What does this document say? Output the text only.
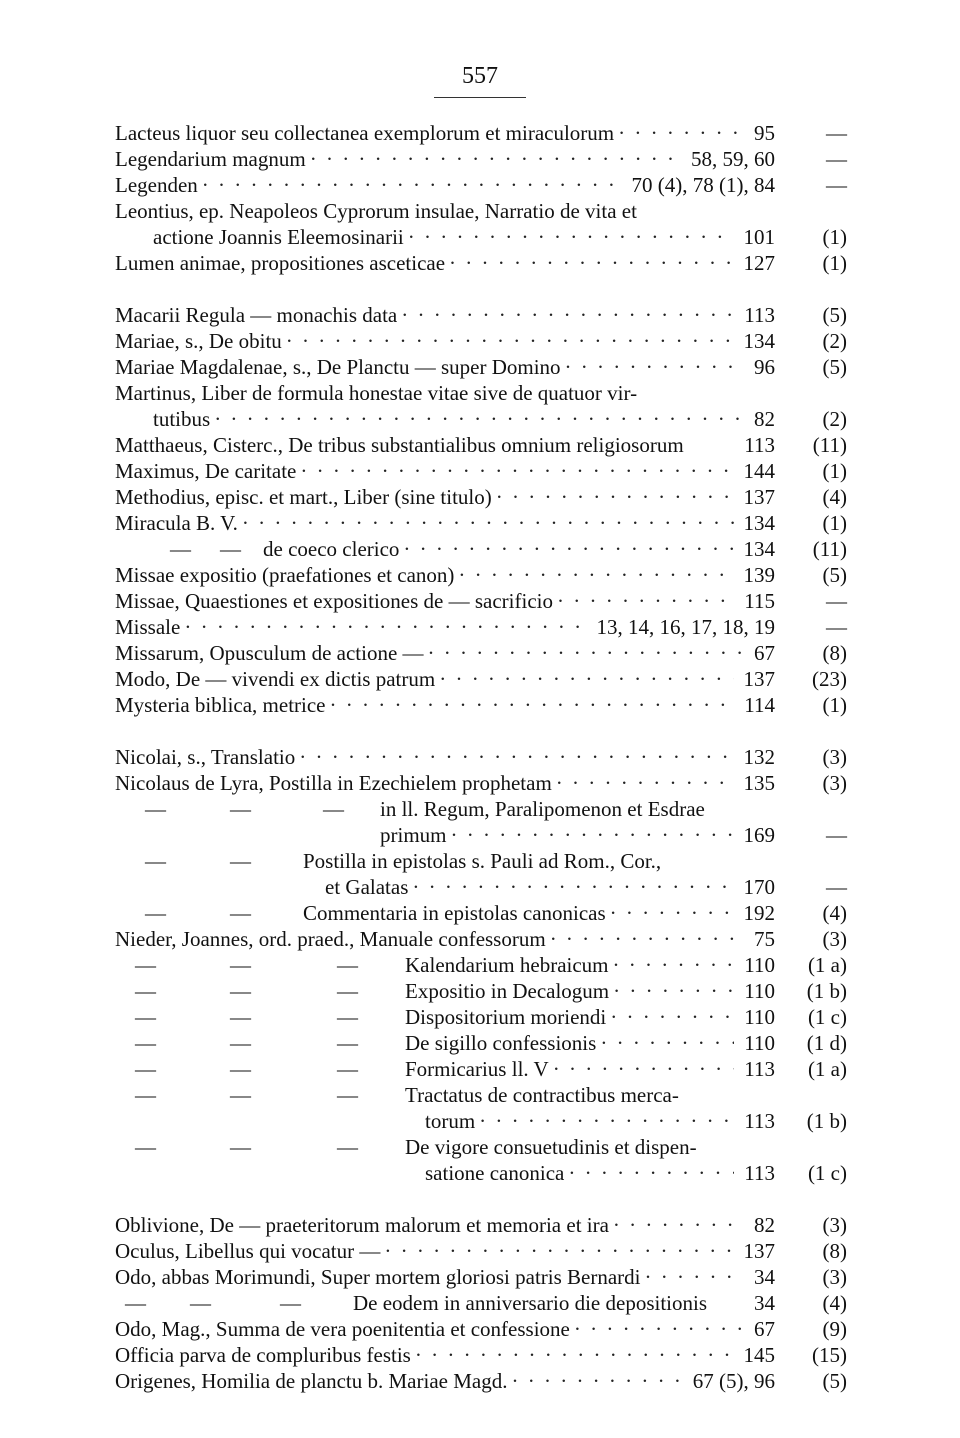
557
Lacteus liquor seu collectanea exemplorum et miraculorum · · ·	95	—
Legendarium magnum · · ·	58, 59, 60	—
Legenden · · ·	70 (4), 78 (1), 84	—
Leontius, ep. Neapoleos Cyprorum insulae, Narratio de vita et
actione Joannis Eleemosinarii · · ·	101	(1)
Lumen animae, propositiones asceticae · · ·	127	(1)
Macarii Regula — monachis data · · ·	113	(5)
Mariae, s., De obitu · · ·	134	(2)
Mariae Magdalenae, s., De Planctu — super Domino · · ·	96	(5)
Martinus, Liber de formula honestae vitae sive de quatuor vir-
tutibus · · ·	82	(2)
Matthaeus, Cisterc., De tribus substantialibus omnium religiosorum	113	(11)
Maximus, De caritate · · ·	144	(1)
Methodius, episc. et mart., Liber (sine titulo) · · ·	137	(4)
Miracula B. V. · · ·	134	(1)
— — de coeco clerico · · ·	134	(11)
Missae expositio (praefationes et canon) · · ·	139	(5)
Missae, Quaestiones et expositiones de — sacrificio · · ·	115	—
Missale · · ·	13, 14, 16, 17, 18, 19	—
Missarum, Opusculum de actione — · · ·	67	(8)
Modo, De — vivendi ex dictis patrum · · ·	137	(23)
Mysteria biblica, metrice · · ·	114	(1)
Nicolai, s., Translatio · · ·	132	(3)
Nicolaus de Lyra, Postilla in Ezechielem prophetam · · ·	135	(3)
—	—	— in ll. Regum, Paralipomenon et Esdrae
primum · · ·	169	—
—	— Postilla in epistolas s. Pauli ad Rom., Cor.,
et Galatas · · ·	170	—
—	— Commentaria in epistolas canonicas · · ·	192	(4)
Nieder, Joannes, ord. praed., Manuale confessorum · · ·	75	(3)
—	—	— Kalendarium hebraicum · · ·	110	(1 a)
—	—	— Expositio in Decalogum · · ·	110	(1 b)
—	—	— Dispositorium moriendi · · ·	110	(1 c)
—	—	— De sigillo confessionis · · ·	110	(1 d)
—	—	— Formicarius ll. V · · ·	113	(1 a)
—	—	— Tractatus de contractibus merca-
torum · · ·	113	(1 b)
—	—	— De vigore consuetudinis et dispen-
satione canonica · · ·	113	(1 c)
Oblivione, De — praeteritorum malorum et memoria et ira · · ·	82	(3)
Oculus, Libellus qui vocatur — · · ·	137	(8)
Odo, abbas Morimundi, Super mortem gloriosi patris Bernardi · · ·	34	(3)
— —	— De eodem in anniversario die depositionis 34	(4)
Odo, Mag., Summa de vera poenitentia et confessione · · ·	67	(9)
Officia parva de compluribus festis · · ·	145	(15)
Origenes, Homilia de planctu b. Mariae Magd. · · ·	67 (5), 96	(5)
